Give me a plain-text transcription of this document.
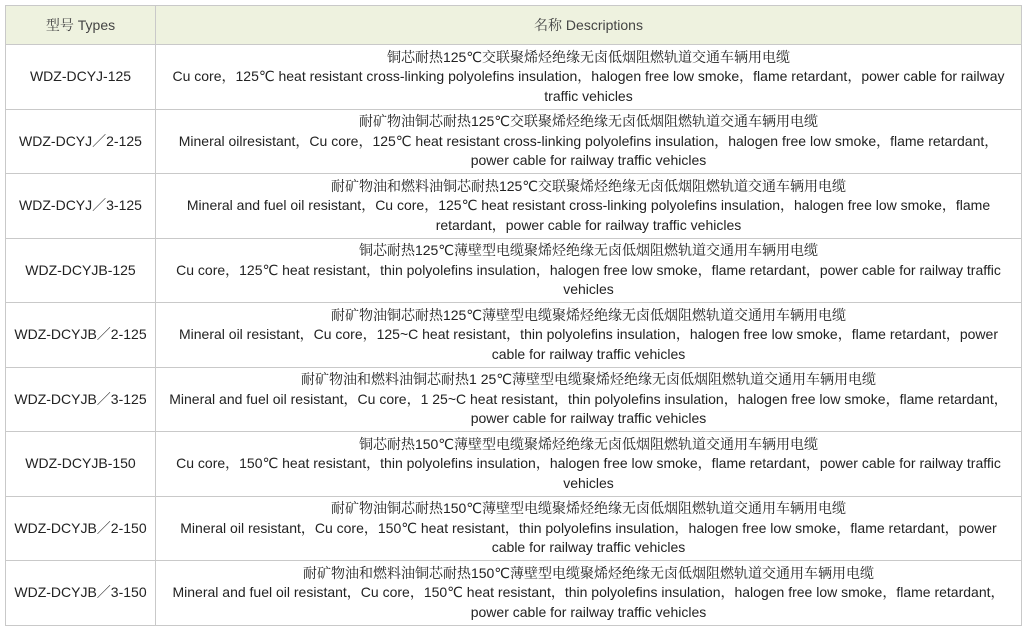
型号 Types	名称 Descriptions
WDZ-DCYJ-125	铜芯耐热125℃交联聚烯烃绝缘无卤低烟阻燃轨道交通车辆用电缆
Cu core，125℃ heat resistant cross-linking polyolefins insulation，halogen free low smoke，flame retardant，power cable for railway traffic vehicles

WDZ-DCYJ／2-125	耐矿物油铜芯耐热125℃交联聚烯烃绝缘无卤低烟阻燃轨道交通车辆用电缆
Mineral oilresistant，Cu core，125℃ heat resistant cross-linking polyolefins insulation，halogen free low smoke，flame retardant，power cable for railway traffic vehicles

WDZ-DCYJ／3-125	耐矿物油和燃料油铜芯耐热125℃交联聚烯烃绝缘无卤低烟阻燃轨道交通车辆用电缆
Mineral and fuel oil resistant，Cu core，125℃ heat resistant cross-linking polyolefins insulation，halogen free low smoke，flame retardant，power cable for railway traffic vehicles

WDZ-DCYJB-125	铜芯耐热125℃薄壁型电缆聚烯烃绝缘无卤低烟阻燃轨道交通用车辆用电缆
Cu core，125℃ heat resistant，thin polyolefins insulation，halogen free low smoke，flame retardant，power cable for railway traffic vehicles

WDZ-DCYJB／2-125	耐矿物油铜芯耐热125℃薄壁型电缆聚烯烃绝缘无卤低烟阻燃轨道交通用车辆用电缆
Mineral oil resistant，Cu core，125~C heat resistant，thin polyolefins insulation，halogen free low smoke，flame retardant，power cable for railway traffic vehicles

WDZ-DCYJB／3-125	耐矿物油和燃料油铜芯耐热1 25℃薄壁型电缆聚烯烃绝缘无卤低烟阻燃轨道交通用车辆用电缆
Mineral and fuel oil resistant，Cu core，1 25~C heat resistant，thin polyolefins insulation，halogen free low smoke，flame retardant，power cable for railway traffic vehicles

WDZ-DCYJB-150	铜芯耐热150℃薄壁型电缆聚烯烃绝缘无卤低烟阻燃轨道交通用车辆用电缆
Cu core，150℃ heat resistant，thin polyolefins insulation，halogen free low smoke，flame retardant，power cable for railway traffic vehicles

WDZ-DCYJB／2-150	耐矿物油铜芯耐热150℃薄壁型电缆聚烯烃绝缘无卤低烟阻燃轨道交通用车辆用电缆
Mineral oil resistant，Cu core，150℃ heat resistant，thin polyolefins insulation，halogen free low smoke，flame retardant，power cable for railway traffic vehicles

WDZ-DCYJB／3-150	耐矿物油和燃料油铜芯耐热150℃薄壁型电缆聚烯烃绝缘无卤低烟阻燃轨道交通用车辆用电缆
Mineral and fuel oil resistant，Cu core，150℃ heat resistant，thin polyolefins insulation，halogen free low smoke，flame retardant，power cable for railway traffic vehicles
